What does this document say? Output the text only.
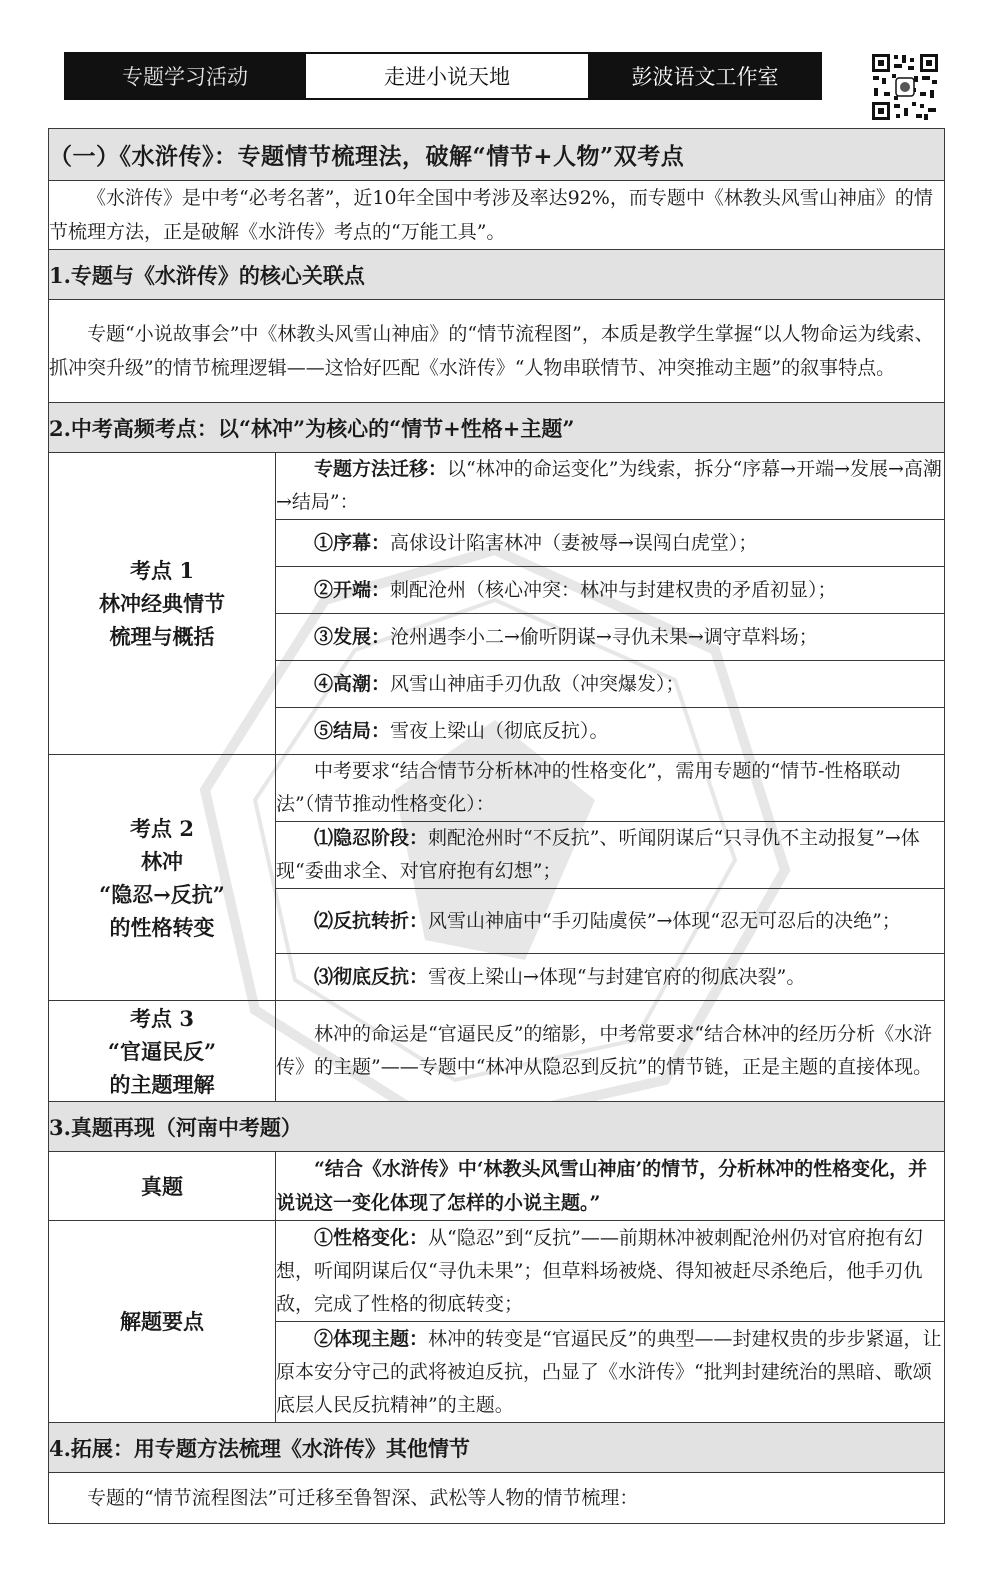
专题学习活动	走进小说天地	彭波语文工作室
（一）《水浒传》：专题情节梳理法，破解“情节+人物”双考点	
《水浒传》是中考“必考名著”，近10年全国中考涉及率达92%，而专题中《林教头风雪山神庙》的情节梳理方法，正是破解《水浒传》考点的“万能工具”。	
1.专题与《水浒传》的核心关联点	
专题“小说故事会”中《林教头风雪山神庙》的“情节流程图”，本质是教学生掌握“以人物命运为线索、抓冲突升级”的情节梳理逻辑——这恰好匹配《水浒传》“人物串联情节、冲突推动主题”的叙事特点。	
2.中考高频考点：以“林冲”为核心的“情节+性格+主题”	

考点 1
林冲经典情节
梳理与概括	专题方法迁移：以“林冲的命运变化”为线索，拆分“序幕→开端→发展→高潮→结局”：
	①序幕：高俅设计陷害林冲（妻被辱→误闯白虎堂）；
	②开端：刺配沧州（核心冲突：林冲与封建权贵的矛盾初显）；
	③发展：沧州遇李小二→偷听阴谋→寻仇未果→调守草料场；
	④高潮：风雪山神庙手刃仇敌（冲突爆发）；
	⑤结局：雪夜上梁山（彻底反抗）。

考点 2
林冲
“隐忍→反抗”
的性格转变	中考要求“结合情节分析林冲的性格变化”，需用专题的“情节-性格联动法”（情节推动性格变化）：
	⑴隐忍阶段：刺配沧州时“不反抗”、听闻阴谋后“只寻仇不主动报复”→体现“委曲求全、对官府抱有幻想”；
	⑵反抗转折：风雪山神庙中“手刃陆虞侯”→体现“忍无可忍后的决绝”；
	⑶彻底反抗：雪夜上梁山→体现“与封建官府的彻底决裂”。

考点 3
“官逼民反”
的主题理解	林冲的命运是“官逼民反”的缩影，中考常要求“结合林冲的经历分析《水浒传》的主题”——专题中“林冲从隐忍到反抗”的情节链，正是主题的直接体现。
3.真题再现（河南中考题）	
真题	“结合《水浒传》中‘林教头风雪山神庙’的情节，分析林冲的性格变化，并说说这一变化体现了怎样的小说主题。”
解题要点	①性格变化：从“隐忍”到“反抗”——前期林冲被刺配沧州仍对官府抱有幻想，听闻阴谋后仅“寻仇未果”；但草料场被烧、得知被赶尽杀绝后，他手刃仇敌，完成了性格的彻底转变；
	②体现主题：林冲的转变是“官逼民反”的典型——封建权贵的步步紧逼，让原本安分守己的武将被迫反抗，凸显了《水浒传》“批判封建统治的黑暗、歌颂底层人民反抗精神”的主题。
4.拓展：用专题方法梳理《水浒传》其他情节	
专题的“情节流程图法”可迁移至鲁智深、武松等人物的情节梳理：	
